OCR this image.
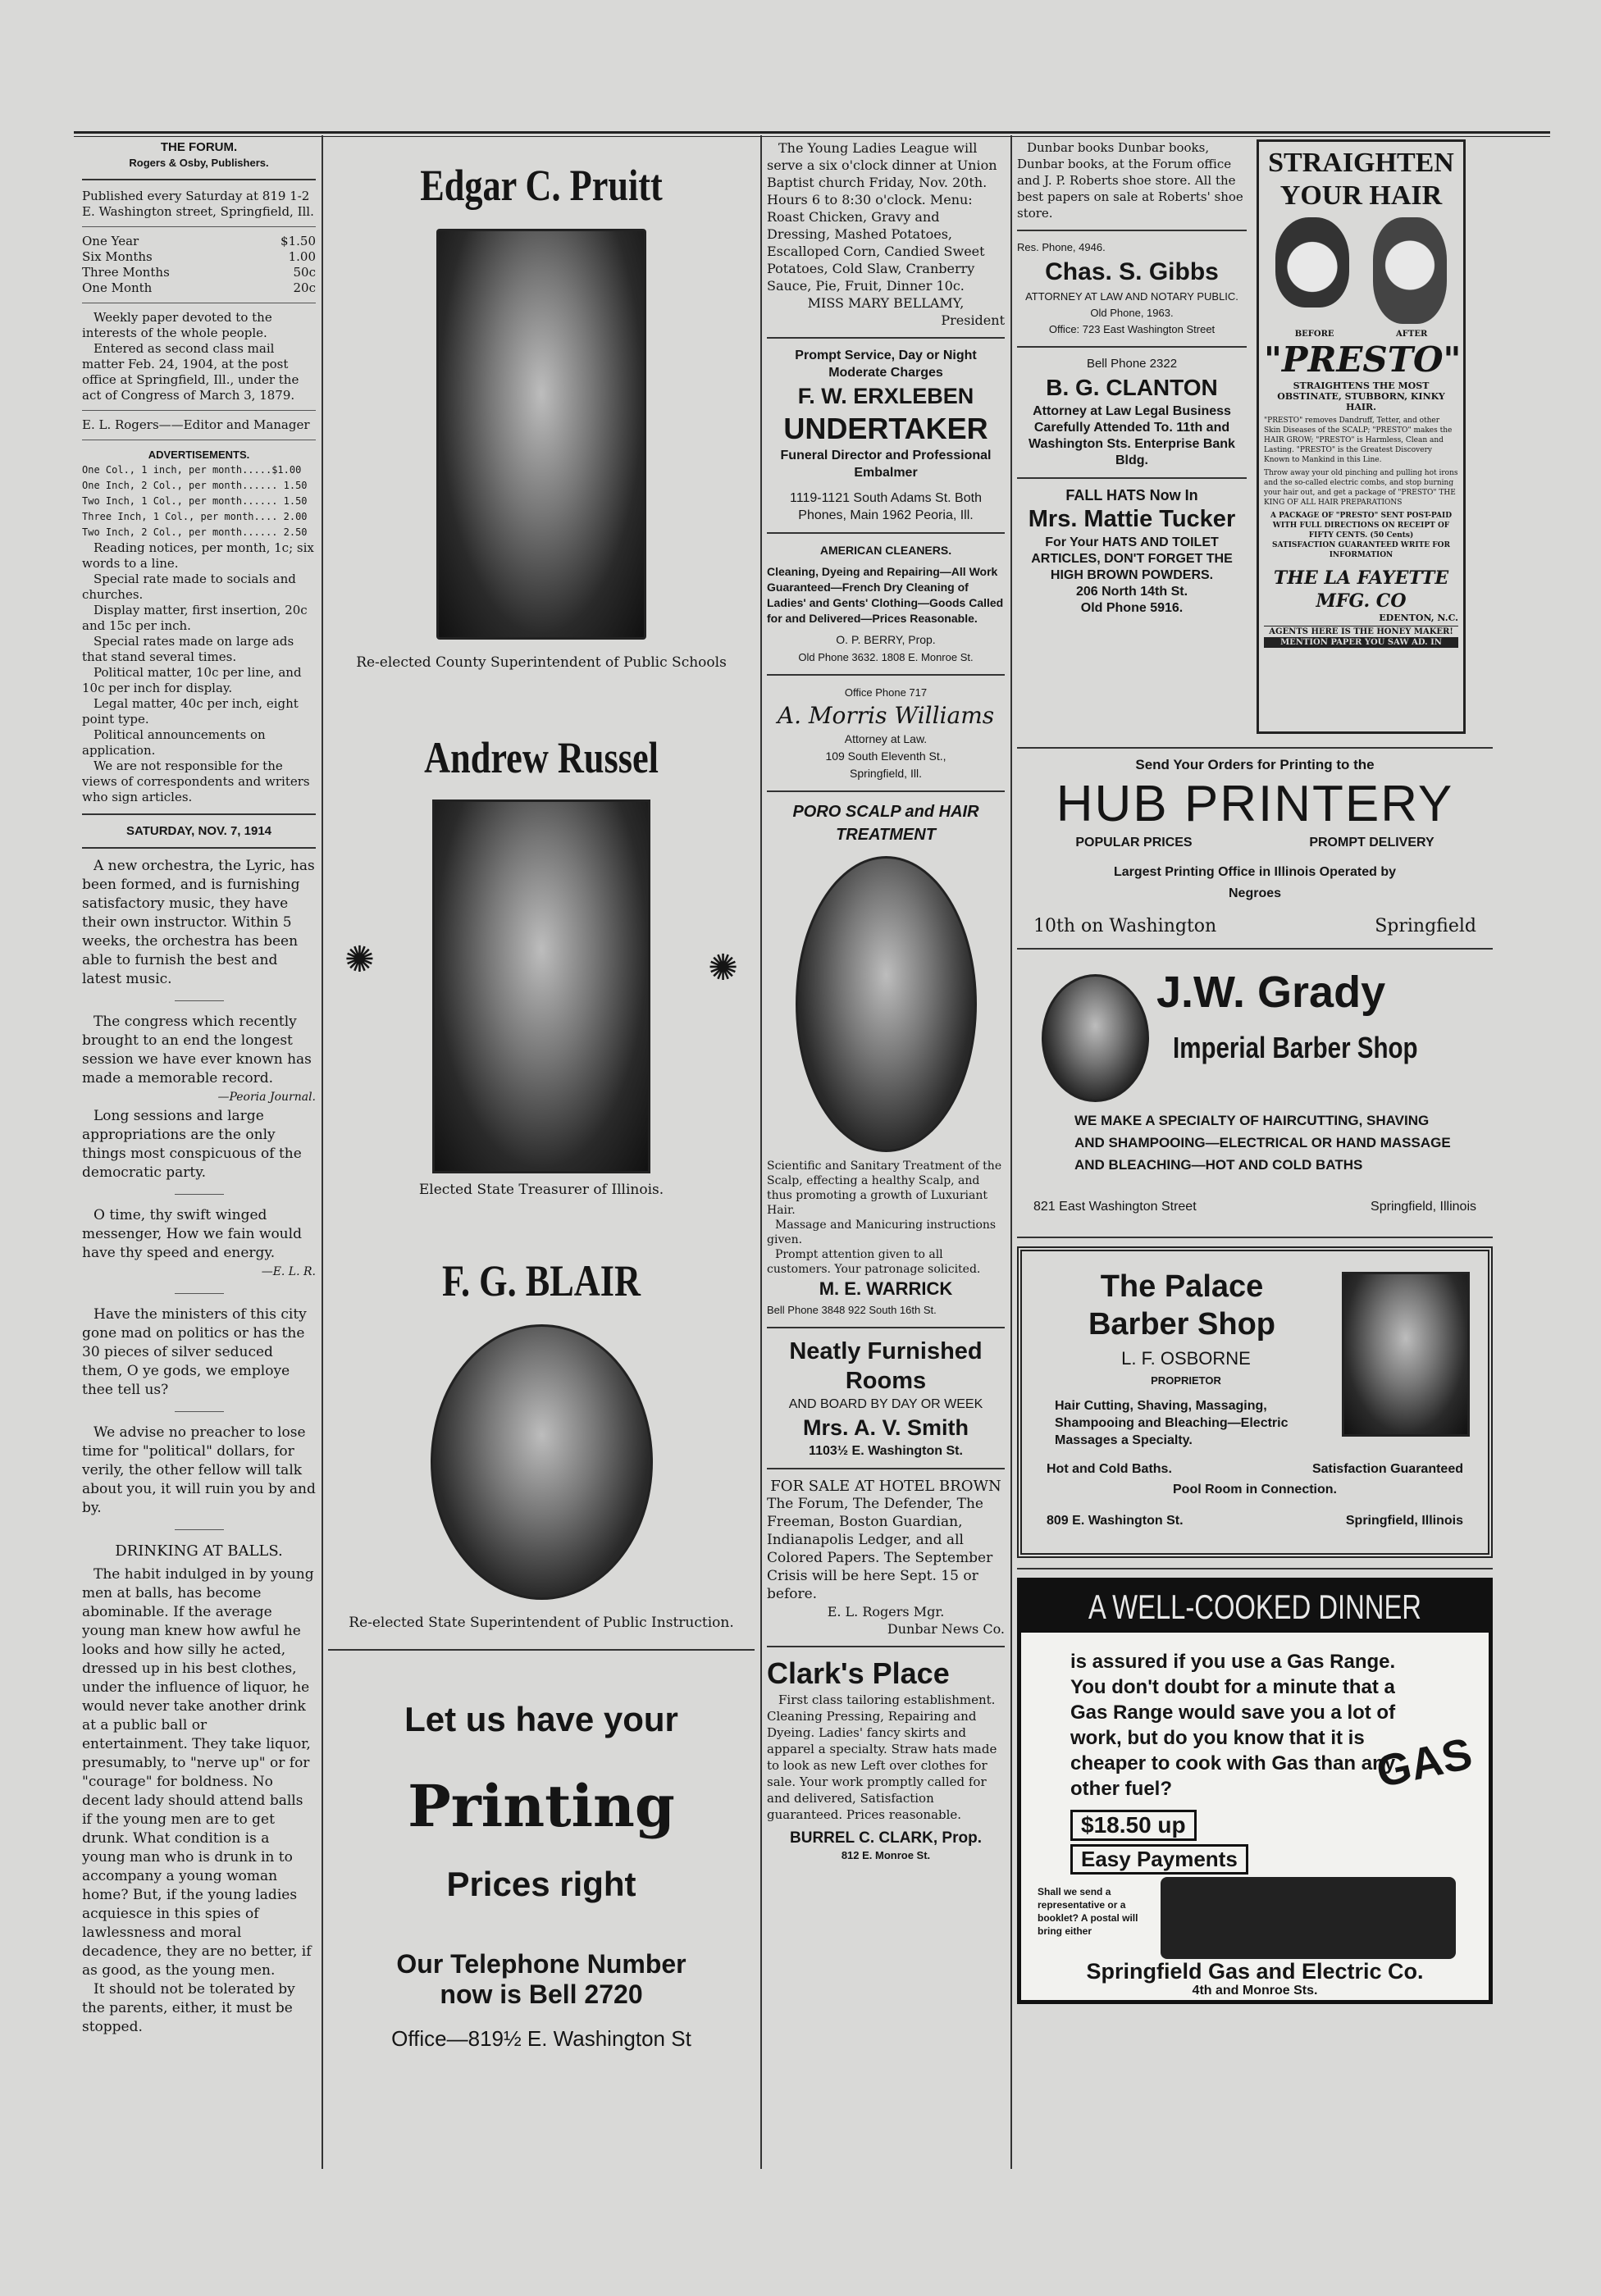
THE FORUM.

Rogers & Osby, Publishers.

Published every Saturday at 819 1-2 E. Washington street, Springfield, Ill.

One Year	$1.50
Six Months	1.00
Three Months	50c
One Month	20c

Weekly paper devoted to the interests of the whole people.

Entered as second class mail matter Feb. 24, 1904, at the post office at Springfield, Ill., under the act of Congress of March 3, 1879.

E. L. Rogers——Editor and Manager

ADVERTISEMENTS.

One Col., 1 inch, per month.....$1.00

One Inch, 2 Col., per month...... 1.50

Two Inch, 1 Col., per month...... 1.50

Three Inch, 1 Col., per month.... 2.00

Two Inch, 2 Col., per month...... 2.50

Reading notices, per month, 1c; six words to a line.

Special rate made to socials and churches.

Display matter, first insertion, 20c and 15c per inch.

Special rates made on large ads that stand several times.

Political matter, 10c per line, and 10c per inch for display.

Legal matter, 40c per inch, eight point type.

Political announcements on application.

We are not responsible for the views of correspondents and writers who sign articles.

SATURDAY, NOV. 7, 1914

A new orchestra, the Lyric, has been formed, and is furnishing satisfactory music, they have their own instructor. Within 5 weeks, the orchestra has been able to furnish the best and latest music.

The congress which recently brought to an end the longest session we have ever known has made a memorable record.

—Peoria Journal.

Long sessions and large appropriations are the only things most conspicuous of the democratic party.

O time, thy swift winged messenger, How we fain would have thy speed and energy.

—E. L. R.

Have the ministers of this city gone mad on politics or has the 30 pieces of silver seduced them, O ye gods, we employe thee tell us?

We advise no preacher to lose time for "political" dollars, for verily, the other fellow will talk about you, it will ruin you by and by.

DRINKING AT BALLS.

The habit indulged in by young men at balls, has become abominable. If the average young man knew how awful he looks and how silly he acted, dressed up in his best clothes, under the influence of liquor, he would never take another drink at a public ball or entertainment. They take liquor, presumably, to "nerve up" or for "courage" for boldness. No decent lady should attend balls if the young men are to get drunk. What condition is a young man who is drunk in to accompany a young woman home? But, if the young ladies acquiesce in this spies of lawlessness and moral decadence, they are no better, if as good, as the young men.

It should not be tolerated by the parents, either, it must be stopped.

Edgar C. Pruitt

Re-elected County Superintendent of Public Schools

Andrew Russel

✺	✺

Elected State Treasurer of Illinois.

F. G. BLAIR

Re-elected State Superintendent of Public Instruction.

Let us have your

Printing

Prices right

Our Telephone Number

now is Bell 2720

Office—819½ E. Washington St

The Young Ladies League will serve a six o'clock dinner at Union Baptist church Friday, Nov. 20th. Hours 6 to 8:30 o'clock. Menu: Roast Chicken, Gravy and Dressing, Mashed Potatoes, Escalloped Corn, Candied Sweet Potatoes, Cold Slaw, Cranberry Sauce, Pie, Fruit, Dinner 10c.

MISS MARY BELLAMY,

President

Prompt Service, Day or Night Moderate Charges

F. W. ERXLEBEN

UNDERTAKER

Funeral Director and Professional Embalmer

1119-1121 South Adams St. Both Phones, Main 1962 Peoria, Ill.

AMERICAN CLEANERS.

Cleaning, Dyeing and Repairing—All Work Guaranteed—French Dry Cleaning of Ladies' and Gents' Clothing—Goods Called for and Delivered—Prices Reasonable.

O. P. BERRY, Prop.

Old Phone 3632. 1808 E. Monroe St.

Office Phone 717

A. Morris Williams

Attorney at Law.

109 South Eleventh St.,

Springfield, Ill.

PORO SCALP and HAIR TREATMENT

Scientific and Sanitary Treatment of the Scalp, effecting a healthy Scalp, and thus promoting a growth of Luxuriant Hair.

Massage and Manicuring instructions given.

Prompt attention given to all customers. Your patronage solicited.

M. E. WARRICK

Bell Phone 3848 922 South 16th St.

Neatly Furnished Rooms

AND BOARD BY DAY OR WEEK

Mrs. A. V. Smith

1103½ E. Washington St.

FOR SALE AT HOTEL BROWN

The Forum, The Defender, The Freeman, Boston Guardian, Indianapolis Ledger, and all Colored Papers. The September Crisis will be here Sept. 15 or before.

E. L. Rogers Mgr.

Dunbar News Co.

Clark's Place

First class tailoring establishment. Cleaning Pressing, Repairing and Dyeing. Ladies' fancy skirts and apparel a specialty. Straw hats made to look as new Left over clothes for sale. Your work promptly called for and delivered, Satisfaction guaranteed. Prices reasonable.

BURREL C. CLARK, Prop.

812 E. Monroe St.

Dunbar books Dunbar books, Dunbar books, at the Forum office and J. P. Roberts shoe store. All the best papers on sale at Roberts' shoe store.

Res. Phone, 4946.

Chas. S. Gibbs

ATTORNEY AT LAW AND NOTARY PUBLIC.

Old Phone, 1963.

Office: 723 East Washington Street

Bell Phone 2322

B. G. CLANTON

Attorney at Law Legal Business Carefully Attended To. 11th and Washington Sts. Enterprise Bank Bldg.

FALL HATS Now In

Mrs. Mattie Tucker

For Your HATS AND TOILET ARTICLES, DON'T FORGET THE HIGH BROWN POWDERS.

206 North 14th St.

Old Phone 5916.

STRAIGHTEN YOUR HAIR

BEFORE	AFTER

"PRESTO"

STRAIGHTENS THE MOST OBSTINATE, STUBBORN, KINKY HAIR.

"PRESTO" removes Dandruff, Tetter, and other Skin Diseases of the SCALP; "PRESTO" makes the HAIR GROW; "PRESTO" is Harmless, Clean and Lasting. "PRESTO" is the Greatest Discovery Known to Mankind in this Line.

Throw away your old pinching and pulling hot irons and the so-called electric combs, and stop burning your hair out, and get a package of "PRESTO" THE KING OF ALL HAIR PREPARATIONS

A PACKAGE OF "PRESTO" SENT POST-PAID WITH FULL DIRECTIONS ON RECEIPT OF FIFTY CENTS. (50 Cents)

SATISFACTION GUARANTEED WRITE FOR INFORMATION

THE LA FAYETTE MFG. CO

EDENTON, N.C.

AGENTS HERE IS THE HONEY MAKER!

MENTION PAPER YOU SAW AD. IN

Send Your Orders for Printing to the

HUB PRINTERY

POPULAR PRICES	PROMPT DELIVERY

Largest Printing Office in Illinois Operated by Negroes

10th on Washington	Springfield

J.W. Grady

Imperial Barber Shop

WE MAKE A SPECIALTY OF HAIRCUTTING, SHAVING AND SHAMPOOING—ELECTRICAL OR HAND MASSAGE AND BLEACHING—HOT AND COLD BATHS

821 East Washington Street	Springfield, Illinois

The Palace Barber Shop

L. F. OSBORNE

PROPRIETOR

Hair Cutting, Shaving, Massaging, Shampooing and Bleaching—Electric Massages a Specialty.

Hot and Cold Baths.	Satisfaction Guaranteed

Pool Room in Connection.

809 E. Washington St.	Springfield, Illinois

A WELL-COOKED DINNER

is assured if you use a Gas Range. You don't doubt for a minute that a Gas Range would save you a lot of work, but do you know that it is cheaper to cook with Gas than any other fuel?

$18.50 up

Easy Payments

Shall we send a representative or a booklet? A postal will bring either

GAS

Springfield Gas and Electric Co.

4th and Monroe Sts.
